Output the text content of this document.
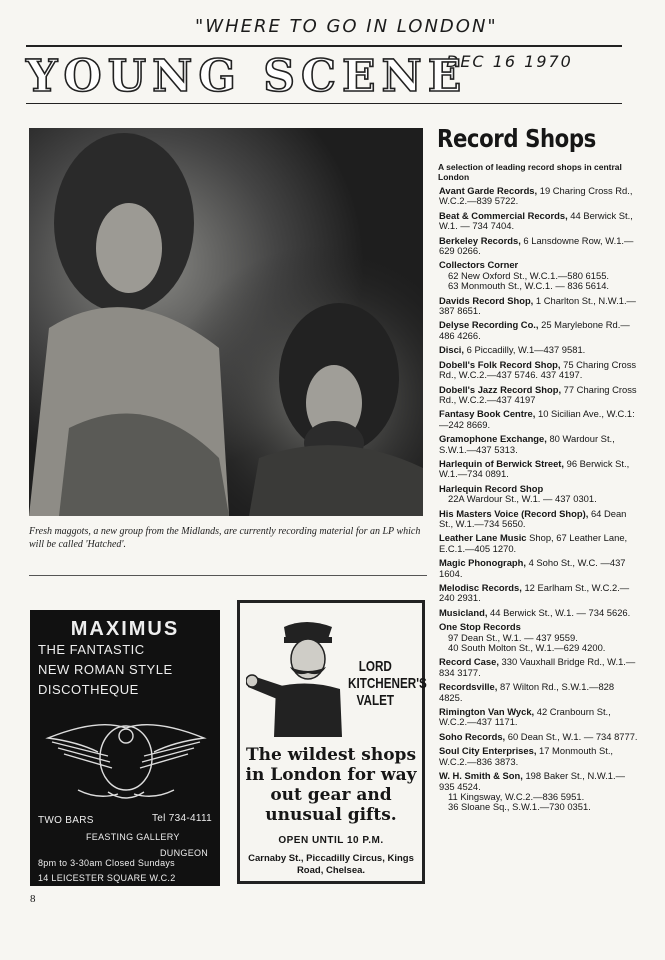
"WHERE TO GO IN LONDON"
DEC 16 1970
YOUNG SCENE
Fresh maggots, a new group from the Midlands, are currently recording material for an LP which will be called 'Hatched'.
MAXIMUS
THE FANTASTIC
NEW ROMAN STYLE
DISCOTHEQUE
TWO BARS	Tel 734-4111
FEASTING GALLERY
DUNGEON
8pm to 3-30am Closed Sundays
14 LEICESTER SQUARE W.C.2
LORD
KITCHENER'S
VALET
The wildest shops in London for way out gear and unusual gifts.
OPEN UNTIL 10 P.M.
Carnaby St., Piccadilly Circus, Kings Road, Chelsea.
Record Shops
A selection of leading record shops in central London
Avant Garde Records, 19 Charing Cross Rd., W.C.2.—839 5722.
Beat & Commercial Records, 44 Berwick St., W.1. — 734 7404.
Berkeley Records, 6 Lansdowne Row, W.1.—629 0266.
Collectors Corner
62 New Oxford St., W.C.1.—580 6155.
63 Monmouth St., W.C.1. — 836 5614.
Davids Record Shop, 1 Charlton St., N.W.1.—387 8651.
Delyse Recording Co., 25 Marylebone Rd.—486 4266.
Disci, 6 Piccadilly, W.1—437 9581.
Dobell's Folk Record Shop, 75 Charing Cross Rd., W.C.2.—437 5746. 437 4197.
Dobell's Jazz Record Shop, 77 Charing Cross Rd., W.C.2.—437 4197
Fantasy Book Centre, 10 Sicilian Ave., W.C.1:—242 8669.
Gramophone Exchange, 80 Wardour St., S.W.1.—437 5313.
Harlequin of Berwick Street, 96 Berwick St., W.1.—734 0891.
Harlequin Record Shop
22A Wardour St., W.1. — 437 0301.
His Masters Voice (Record Shop), 64 Dean St., W.1.—734 5650.
Leather Lane Music Shop, 67 Leather Lane, E.C.1.—405 1270.
Magic Phonograph, 4 Soho St., W.C. —437 1604.
Melodisc Records, 12 Earlham St., W.C.2.—240 2931.
Musicland, 44 Berwick St., W.1. — 734 5626.
One Stop Records
97 Dean St., W.1. — 437 9559.
40 South Molton St., W.1.—629 4200.
Record Case, 330 Vauxhall Bridge Rd., W.1.—834 3177.
Recordsville, 87 Wilton Rd., S.W.1.—828 4825.
Rimington Van Wyck, 42 Cranbourn St., W.C.2.—437 1171.
Soho Records, 60 Dean St., W.1. — 734 8777.
Soul City Enterprises, 17 Monmouth St., W.C.2.—836 3873.
W. H. Smith & Son, 198 Baker St., N.W.1.—935 4524.
11 Kingsway, W.C.2.—836 5951.
36 Sloane Sq., S.W.1.—730 0351.
8
